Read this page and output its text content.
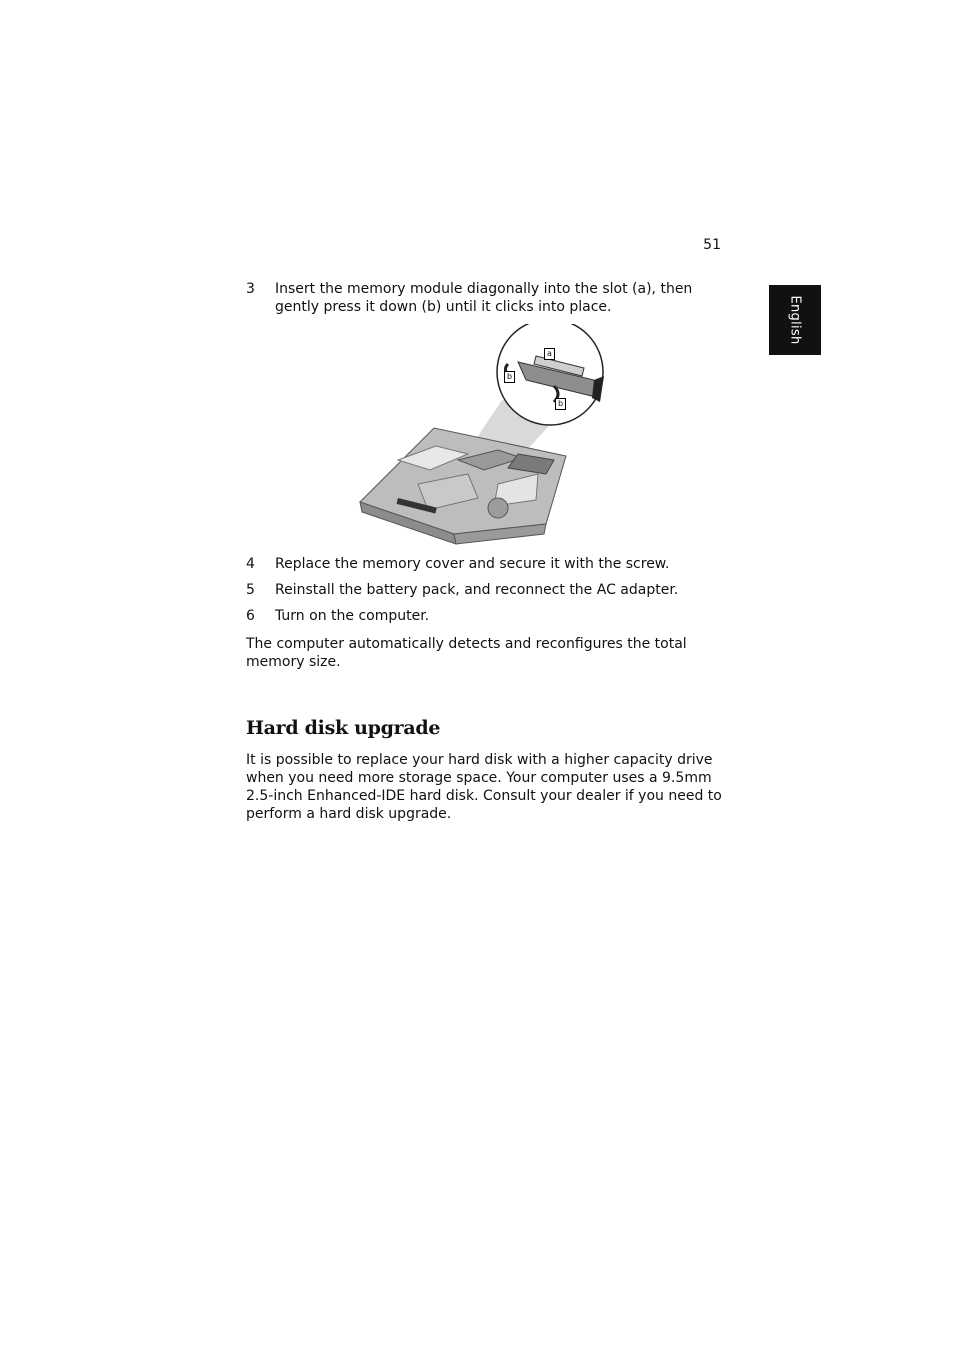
51
English
3 Insert the memory module diagonally into the slot (a), then gently press it down (b) until it clicks into place.
a
b
b
4 Replace the memory cover and secure it with the screw.
5 Reinstall the battery pack, and reconnect the AC adapter.
6 Turn on the computer.
The computer automatically detects and reconfigures the total memory size.
Hard disk upgrade
It is possible to replace your hard disk with a higher capacity drive when you need more storage space. Your computer uses a 9.5mm 2.5-inch Enhanced-IDE hard disk. Consult your dealer if you need to perform a hard disk upgrade.
